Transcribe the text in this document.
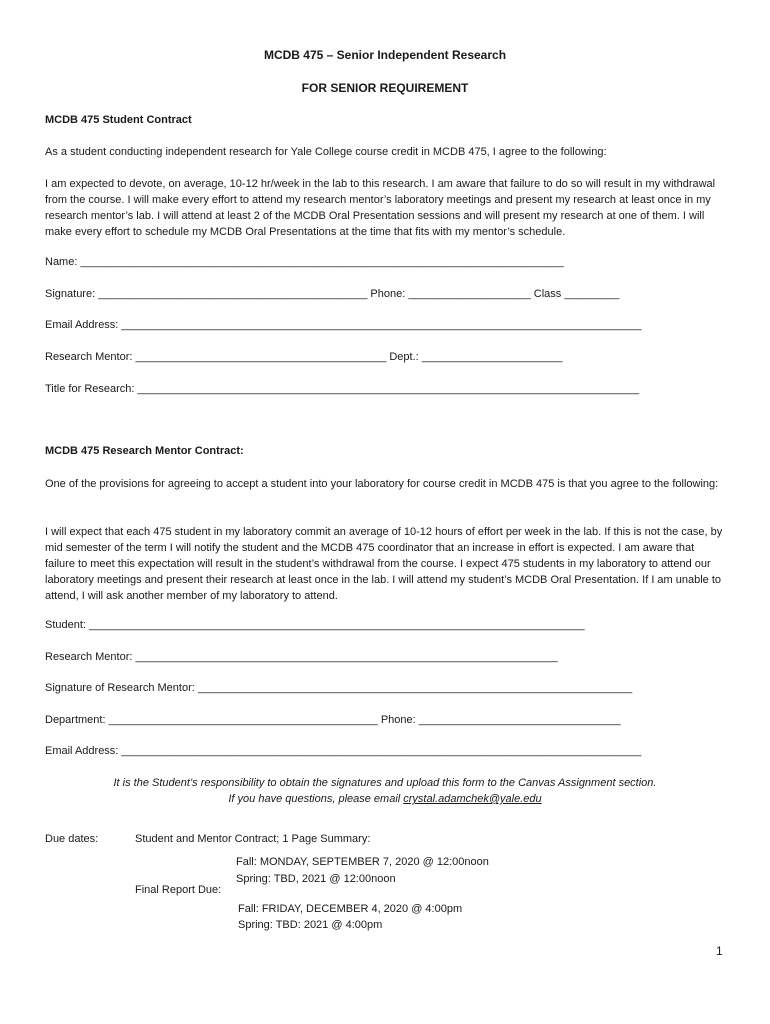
MCDB 475 – Senior Independent Research
FOR SENIOR REQUIREMENT
MCDB 475 Student Contract
As a student conducting independent research for Yale College course credit in MCDB 475, I agree to the following:
I am expected to devote, on average, 10-12 hr/week in the lab to this research. I am aware that failure to do so will result in my withdrawal from the course. I will make every effort to attend my research mentor’s laboratory meetings and present my research at least once in my research mentor’s lab. I will attend at least 2 of the MCDB Oral Presentation sessions and will present my research at one of them. I will make every effort to schedule my MCDB Oral Presentations at the time that fits with my mentor’s schedule.
Name: _______________________________________________________________________________
Signature: ____________________________________________ Phone: ____________________ Class _________
Email Address: _____________________________________________________________________________________
Research Mentor: _________________________________________ Dept.: _______________________
Title for Research: __________________________________________________________________________________
MCDB 475 Research Mentor Contract:
One of the provisions for agreeing to accept a student into your laboratory for course credit in MCDB 475 is that you agree to the following:
I will expect that each 475 student in my laboratory commit an average of 10-12 hours of effort per week in the lab. If this is not the case, by mid semester of the term I will notify the student and the MCDB 475 coordinator that an increase in effort is expected. I am aware that failure to meet this expectation will result in the student’s withdrawal from the course. I expect 475 students in my laboratory to attend our laboratory meetings and present their research at least once in the lab. I will attend my student’s MCDB Oral Presentation. If I am unable to attend, I will ask another member of my laboratory to attend.
Student: _________________________________________________________________________________
Research Mentor: _____________________________________________________________________
Signature of Research Mentor: _______________________________________________________________________
Department: ____________________________________________ Phone: _________________________________
Email Address: _____________________________________________________________________________________
It is the Student’s responsibility to obtain the signatures and upload this form to the Canvas Assignment section.
If you have questions, please email crystal.adamchek@yale.edu
Due dates:	Student and Mentor Contract; 1 Page Summary:
Fall: MONDAY, SEPTEMBER 7, 2020 @ 12:00noon
Spring: TBD, 2021 @ 12:00noon
Final Report Due:
Fall: FRIDAY, DECEMBER 4, 2020 @ 4:00pm
Spring: TBD: 2021 @ 4:00pm
1
